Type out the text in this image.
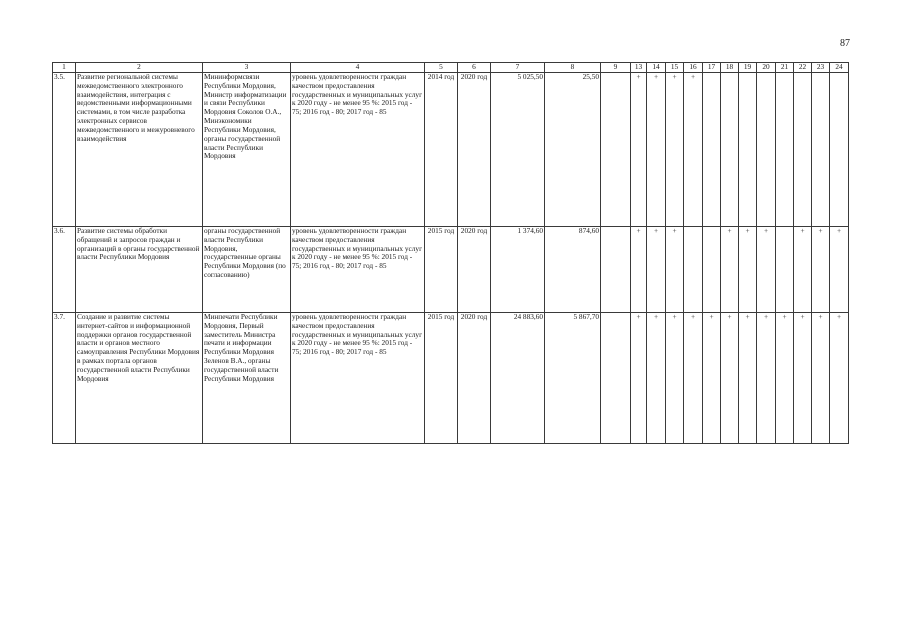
87
1	2	3	4	5	6	7	8	9	13	14	15	16	17	18	19	20	21	22	23	24
3.5.	Развитие региональной системы межведомственного электронного взаимодействия, интеграция с ведомственными информационными системами, в том числе разработка электронных сервисов межведомственного и межуровневого взаимодействия	Мининформсвязи Республики Мордовия, Министр информатизации и связи Республики Мордовия Соколов О.А., Минэкономики Республики Мордовия, органы государственной власти Республики Мордовия	уровень удовлетворенности граждан качеством предоставления государственных и муниципальных услуг к 2020 году - не менее 95 %: 2015 год - 75; 2016 год - 80; 2017 год - 85	2014 год	2020 год	5 025,50	25,50		+	+	+	+								
3.6.	Развитие системы обработки обращений и запросов граждан и организаций в органы государственной власти Республики Мордовия	органы государственной власти Республики Мордовия, государственные органы Республики Мордовия (по согласованию)	уровень удовлетворенности граждан качеством предоставления государственных и муниципальных услуг к 2020 году - не менее 95 %: 2015 год - 75; 2016 год - 80; 2017 год - 85	2015 год	2020 год	1 374,60	874,60		+	+	+			+	+	+		+	+	+
3.7.	Создание и развитие системы интернет-сайтов и информационной поддержки органов государственной власти и органов местного самоуправления Республики Мордовия в рамках портала органов государственной власти Республики Мордовия	Минпечати Республики Мордовия, Первый заместитель Министра печати и информации Республики Мордовия Зеленов В.А., органы государственной власти Республики Мордовия	уровень удовлетворенности граждан качеством предоставления государственных и муниципальных услуг к 2020 году - не менее 95 %: 2015 год - 75; 2016 год - 80; 2017 год - 85	2015 год	2020 год	24 883,60	5 867,70		+	+	+	+	+	+	+	+	+	+	+	+
